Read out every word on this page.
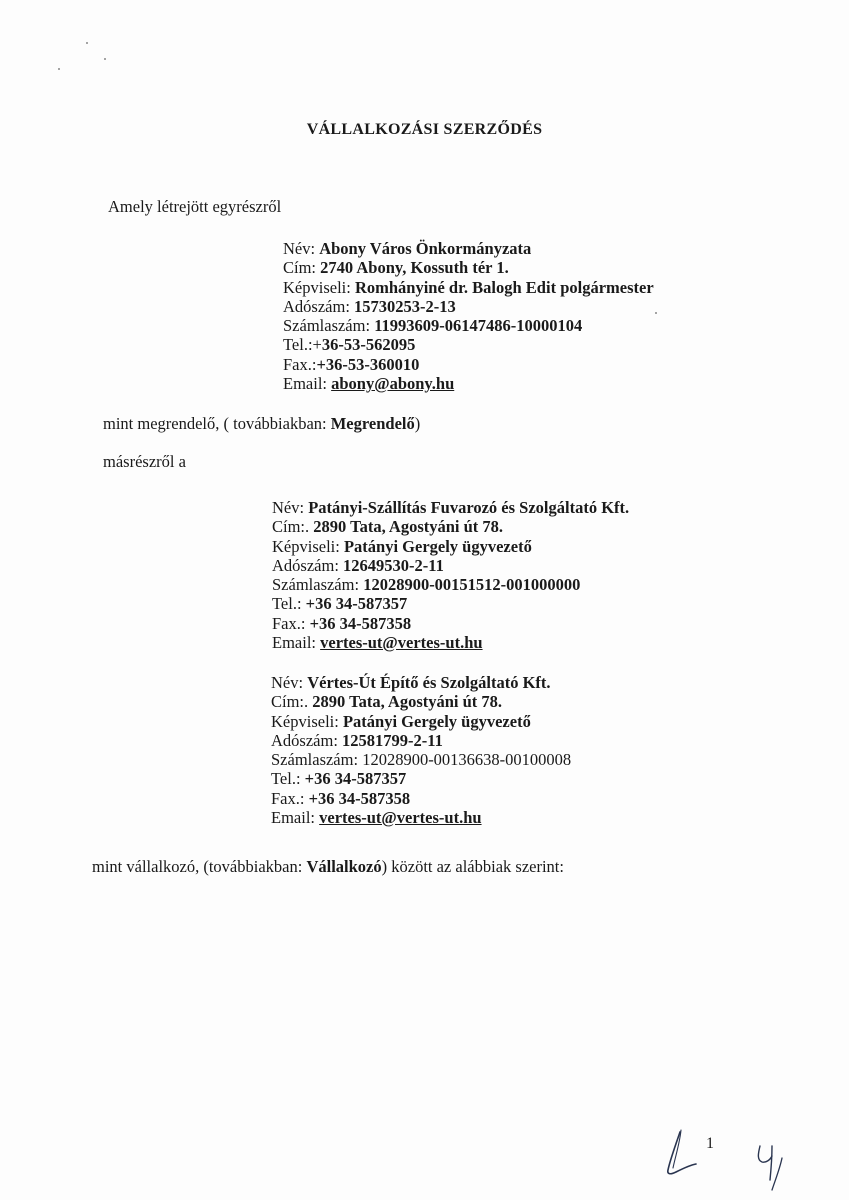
VÁLLALKOZÁSI SZERZŐDÉS
Amely létrejött egyrészről
Név: Abony Város Önkormányzata
Cím: 2740 Abony, Kossuth tér 1.
Képviseli: Romhányiné dr. Balogh Edit polgármester
Adószám: 15730253-2-13
Számlaszám: 11993609-06147486-10000104
Tel.:+36-53-562095
Fax.:+36-53-360010
Email: abony@abony.hu
mint megrendelő, ( továbbiakban: Megrendelő)
másrészről a
Név: Patányi-Szállítás Fuvarozó és Szolgáltató Kft.
Cím:. 2890 Tata, Agostyáni út 78.
Képviseli: Patányi Gergely ügyvezető
Adószám: 12649530-2-11
Számlaszám: 12028900-00151512-001000000
Tel.: +36 34-587357
Fax.: +36 34-587358
Email: vertes-ut@vertes-ut.hu
Név: Vértes-Út Építő és Szolgáltató Kft.
Cím:. 2890 Tata, Agostyáni út 78.
Képviseli: Patányi Gergely ügyvezető
Adószám: 12581799-2-11
Számlaszám: 12028900-00136638-00100008
Tel.: +36 34-587357
Fax.: +36 34-587358
Email: vertes-ut@vertes-ut.hu
mint vállalkozó, (továbbiakban: Vállalkozó) között az alábbiak szerint:
1
